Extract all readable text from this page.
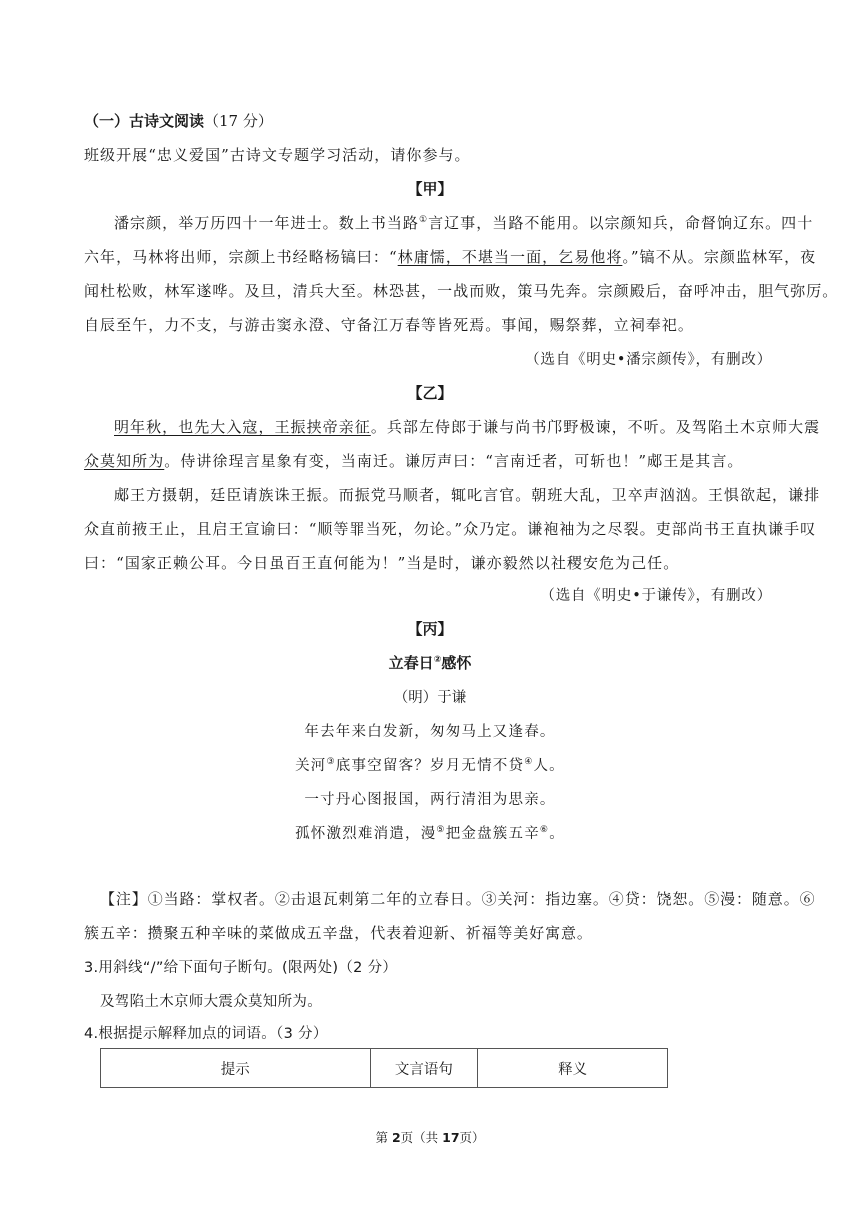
（一）古诗文阅读（17 分）
班级开展“忠义爱国”古诗文专题学习活动，请你参与。
【甲】
潘宗颜，举万历四十一年进士。数上书当路①言辽事，当路不能用。以宗颜知兵，命督饷辽东。四十
六年，马林将出师，宗颜上书经略杨镐曰：“林庸懦，不堪当一面，乞易他将。”镐不从。宗颜监林军，夜
闻杜松败，林军遂哗。及旦，清兵大至。林恐甚，一战而败，策马先奔。宗颜殿后，奋呼冲击，胆气弥厉。
自辰至午，力不支，与游击窦永澄、守备江万春等皆死焉。事闻，赐祭葬，立祠奉祀。
（选自《明史•潘宗颜传》，有删改）
【乙】
明年秋，也先大入寇，王振挟帝亲征。兵部左侍郎于谦与尚书邝野极谏，不听。及驾陷土木京师大震
众莫知所为。侍讲徐珵言星象有变，当南迁。谦厉声曰：“言南迁者，可斩也！”郕王是其言。
郕王方摄朝，廷臣请族诛王振。而振党马顺者，辄叱言官。朝班大乱，卫卒声汹汹。王惧欲起，谦排
众直前掖王止，且启王宣谕曰：“顺等罪当死，勿论。”众乃定。谦袍袖为之尽裂。吏部尚书王直执谦手叹
曰：“国家正赖公耳。今日虽百王直何能为！”当是时，谦亦毅然以社稷安危为己任。
（选自《明史•于谦传》，有删改）
【丙】
立春日②感怀
（明）于谦
年去年来白发新，匆匆马上又逢春。
关河③底事空留客？岁月无情不贷④人。
一寸丹心图报国，两行清泪为思亲。
孤怀激烈难消遣，漫⑤把金盘簇五辛⑥。
【注】①当路：掌权者。②击退瓦剌第二年的立春日。③关河：指边塞。④贷：饶恕。⑤漫：随意。⑥
簇五辛：攒聚五种辛味的菜做成五辛盘，代表着迎新、祈福等美好寓意。
3.用斜线“/”给下面句子断句。(限两处)（2 分）
及驾陷土木京师大震众莫知所为。
4.根据提示解释加点的词语。（3 分）
提示	文言语句	释义
第 2页（共 17页）
